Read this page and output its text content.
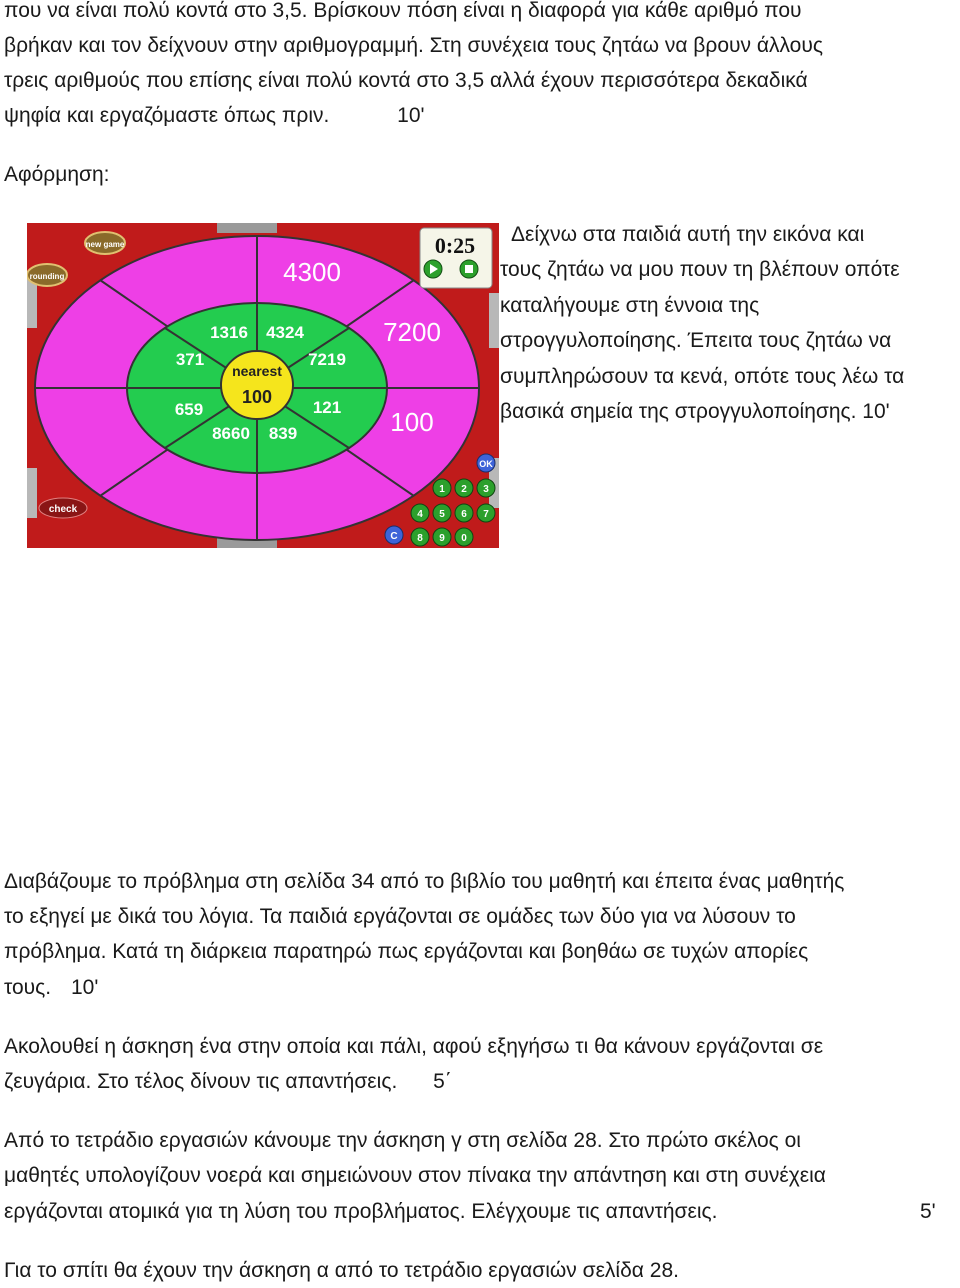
που να είναι πολύ κοντά στο 3,5. Βρίσκουν πόση είναι η διαφορά για κάθε αριθμό που
βρήκαν και τον δείχνουν στην αριθμογραμμή. Στη συνέχεια τους ζητάω να βρουν άλλους
τρεις αριθμούς που επίσης είναι πολύ κοντά στο 3,5 αλλά έχουν περισσότερα δεκαδικά
ψηφία και εργαζόμαστε όπως πριν.	10'
Αφόρμηση:
nearest
100
4300
7200
100
1316 4324
7219
121
839
8660
659
371
new game
rounding
0:25
OK
1 2 3
4 5 6 7
C 8 9 0
check
Δείχνω στα παιδιά αυτή την εικόνα και
τους ζητάω να μου πουν τη βλέπουν οπότε
καταλήγουμε στη έννοια της
στρογγυλοποίησης. Έπειτα τους ζητάω να
συμπληρώσουν τα κενά, οπότε τους λέω τα
βασικά σημεία της στρογγυλοποίησης. 10'
Διαβάζουμε το πρόβλημα στη σελίδα 34 από το βιβλίο του μαθητή και έπειτα ένας μαθητής
το εξηγεί με δικά του λόγια. Τα παιδιά εργάζονται σε ομάδες των δύο για να λύσουν το
πρόβλημα. Κατά τη διάρκεια παρατηρώ πως εργάζονται και βοηθάω σε τυχών απορίες
τους. 10'
Ακολουθεί η άσκηση ένα στην οποία και πάλι, αφού εξηγήσω τι θα κάνουν εργάζονται σε
ζευγάρια. Στο τέλος δίνουν τις απαντήσεις. 5΄
Από το τετράδιο εργασιών κάνουμε την άσκηση γ στη σελίδα 28. Στο πρώτο σκέλος οι
μαθητές υπολογίζουν νοερά και σημειώνουν στον πίνακα την απάντηση και στη συνέχεια
εργάζονται ατομικά για τη λύση του προβλήματος. Ελέγχουμε τις απαντήσεις.	5'
Για το σπίτι θα έχουν την άσκηση α από το τετράδιο εργασιών σελίδα 28.
